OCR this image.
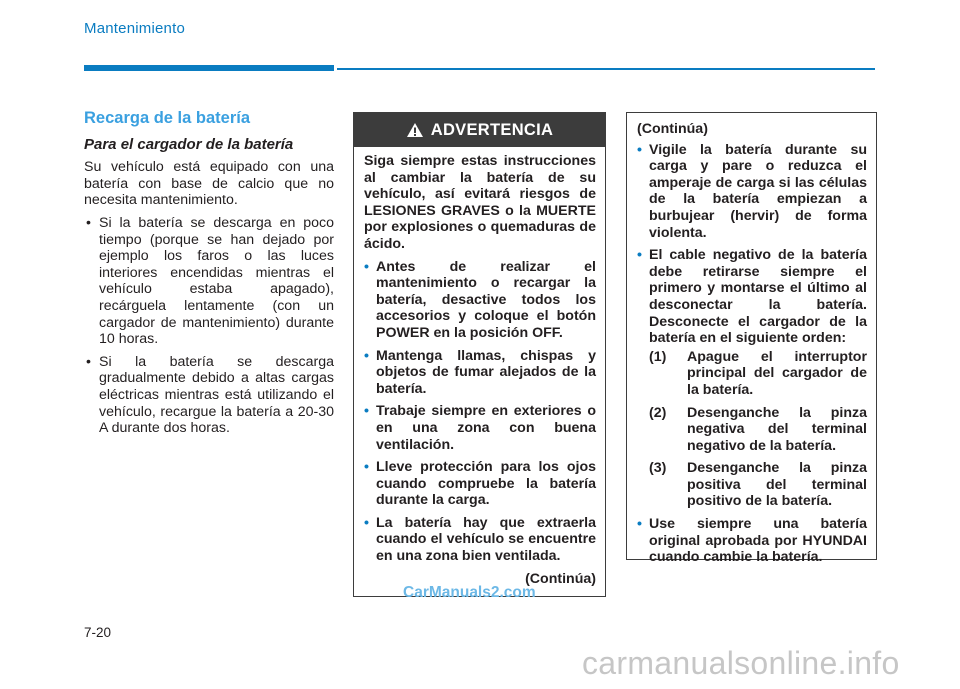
Mantenimiento
Recarga de la batería
Para el cargador de la batería

Su vehículo está equipado con una batería con base de calcio que no necesita mantenimiento.

• Si la batería se descarga en poco tiempo (porque se han dejado por ejemplo los faros o las luces interiores encendidas mientras el vehículo estaba apagado), recárguela lentamente (con un cargador de mantenimiento) durante 10 horas.
• Si la batería se descarga gradualmente debido a altas cargas eléctricas mientras está utilizando el vehículo, recargue la batería a 20-30 A durante dos horas.
ADVERTENCIA

Siga siempre estas instrucciones al cambiar la batería de su vehículo, así evitará riesgos de LESIONES GRAVES o la MUERTE por explosiones o quemaduras de ácido.

• Antes de realizar el mantenimiento o recargar la batería, desactive todos los accesorios y coloque el botón POWER en la posición OFF.
• Mantenga llamas, chispas y objetos de fumar alejados de la batería.
• Trabaje siempre en exteriores o en una zona con buena ventilación.
• Lleve protección para los ojos cuando compruebe la batería durante la carga.
• La batería hay que extraerla cuando el vehículo se encuentre en una zona bien ventilada.
(Continúa)
(Continúa)
• Vigile la batería durante su carga y pare o reduzca el amperaje de carga si las células de la batería empiezan a burbujear (hervir) de forma violenta.
• El cable negativo de la batería debe retirarse siempre el primero y montarse el último al desconectar la batería. Desconecte el cargador de la batería en el siguiente orden:
(1) Apague el interruptor principal del cargador de la batería.
(2) Desenganche la pinza negativa del terminal negativo de la batería.
(3) Desenganche la pinza positiva del terminal positivo de la batería.
• Use siempre una batería original aprobada por HYUNDAI cuando cambie la batería.
CarManuals2.com
7-20
carmanualsonline.info
